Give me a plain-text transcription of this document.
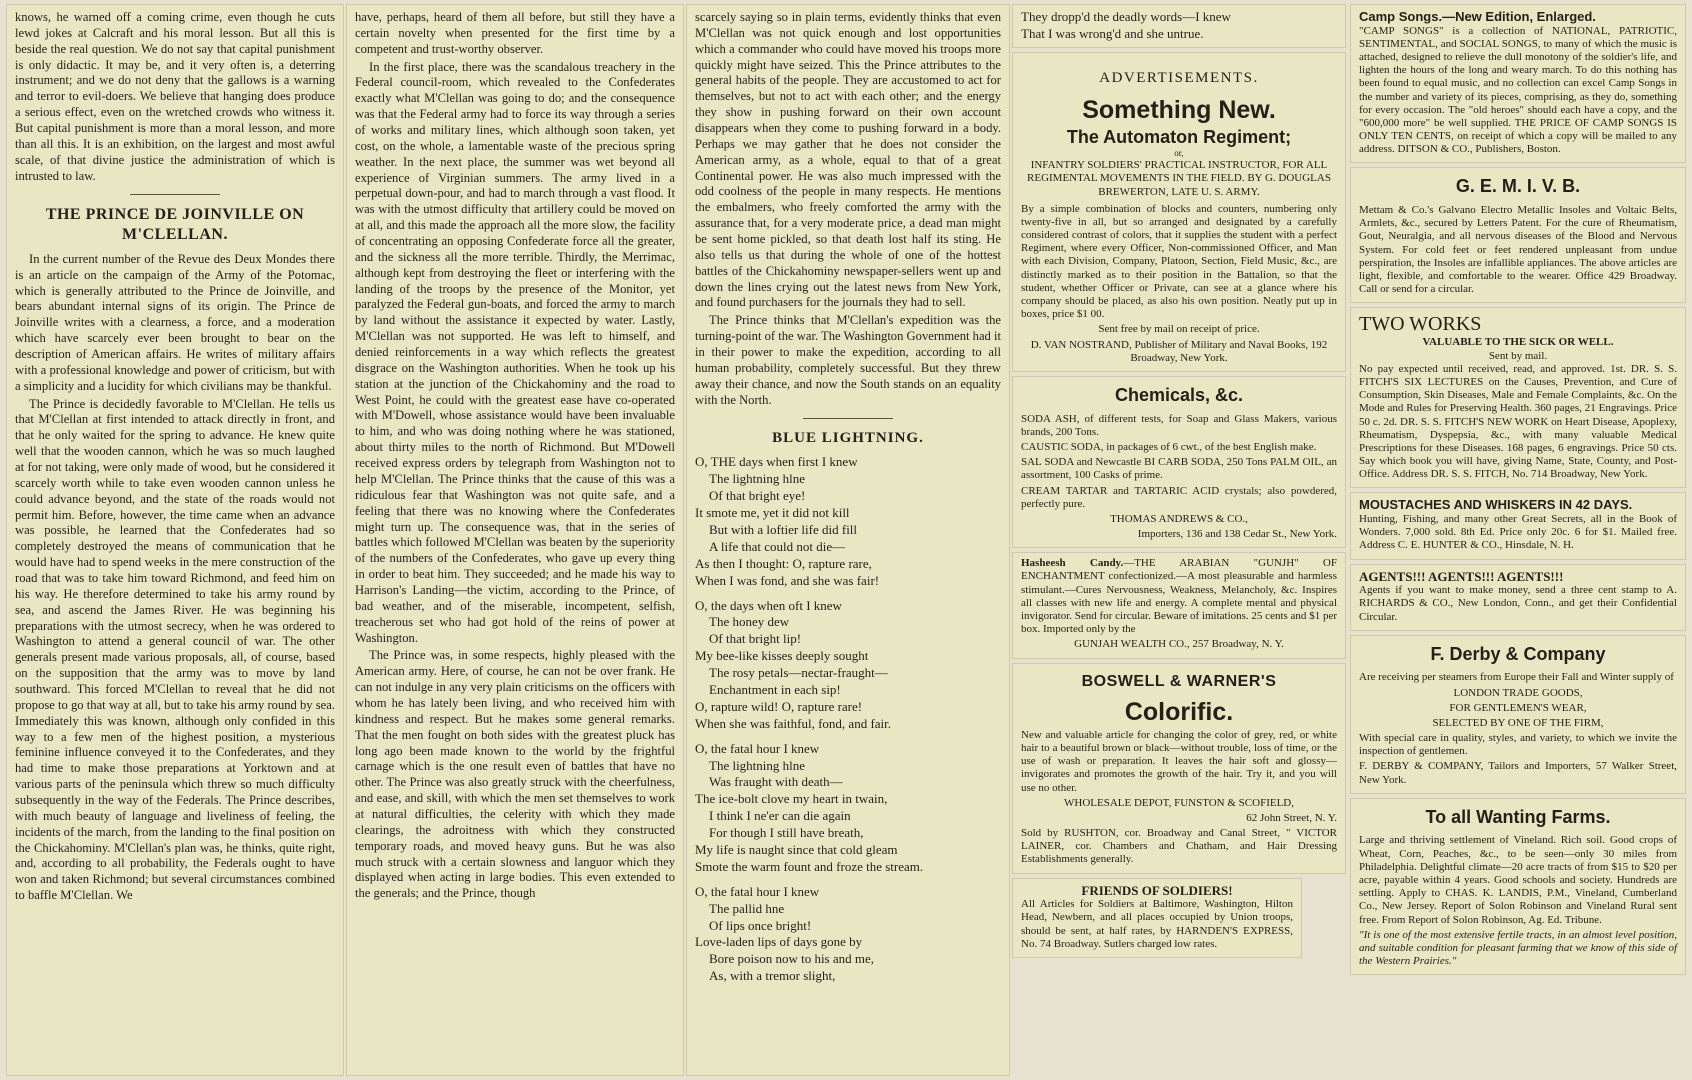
knows, he warned off a coming crime, even though he cuts lewd jokes at Calcraft and his moral lesson. But all this is beside the real question. We do not say that capital punishment is only didactic. It may be, and it very often is, a deterring instrument; and we do not deny that the gallows is a warning and terror to evil-doers. We believe that hanging does produce a serious effect, even on the wretched crowds who witness it. But capital punishment is more than a moral lesson, and more than all this. It is an exhibition, on the largest and most awful scale, of that divine justice the administration of which is intrusted to law.

THE PRINCE DE JOINVILLE ON M'CLELLAN.

In the current number of the Revue des Deux Mondes there is an article on the campaign of the Army of the Potomac, which is generally attributed to the Prince de Joinville, and bears abundant internal signs of its origin. The Prince de Joinville writes with a clearness, a force, and a moderation which have scarcely ever been brought to bear on the description of American affairs. He writes of military affairs with a professional knowledge and power of criticism, but with a simplicity and a lucidity for which civilians may be thankful.

The Prince is decidedly favorable to M'Clellan. He tells us that M'Clellan at first intended to attack directly in front, and that he only waited for the spring to advance. He knew quite well that the wooden cannon, which he was so much laughed at for not taking, were only made of wood, but he considered it scarcely worth while to take even wooden cannon unless he could advance beyond, and the state of the roads would not permit him. Before, however, the time came when an advance was possible, he learned that the Confederates had so completely destroyed the means of communication that he would have had to spend weeks in the mere construction of the road that was to take him toward Richmond, and feed him on his way. He therefore determined to take his army round by sea, and ascend the James River. He was beginning his preparations with the utmost secrecy, when he was ordered to Washington to attend a general council of war. The other generals present made various proposals, all, of course, based on the supposition that the army was to move by land southward. This forced M'Clellan to reveal that he did not propose to go that way at all, but to take his army round by sea. Immediately this was known, although only confided in this way to a few men of the highest position, a mysterious feminine influence conveyed it to the Confederates, and they had time to make those preparations at Yorktown and at various parts of the peninsula which threw so much difficulty subsequently in the way of the Federals. The Prince describes, with much beauty of language and liveliness of feeling, the incidents of the march, from the landing to the final position on the Chickahominy. M'Clellan's plan was, he thinks, quite right, and, according to all probability, the Federals ought to have won and taken Richmond; but several circumstances combined to baffle M'Clellan. We

have, perhaps, heard of them all before, but still they have a certain novelty when presented for the first time by a competent and trust-worthy observer.

In the first place, there was the scandalous treachery in the Federal council-room, which revealed to the Confederates exactly what M'Clellan was going to do; and the consequence was that the Federal army had to force its way through a series of works and military lines, which although soon taken, yet cost, on the whole, a lamentable waste of the precious spring weather. In the next place, the summer was wet beyond all experience of Virginian summers. The army lived in a perpetual down-pour, and had to march through a vast flood. It was with the utmost difficulty that artillery could be moved on at all, and this made the approach all the more slow, the facility of concentrating an opposing Confederate force all the greater, and the sickness all the more terrible. Thirdly, the Merrimac, although kept from destroying the fleet or interfering with the landing of the troops by the presence of the Monitor, yet paralyzed the Federal gun-boats, and forced the army to march by land without the assistance it expected by water. Lastly, M'Clellan was not supported. He was left to himself, and denied reinforcements in a way which reflects the greatest disgrace on the Washington authorities. When he took up his station at the junction of the Chickahominy and the road to West Point, he could with the greatest ease have co-operated with M'Dowell, whose assistance would have been invaluable to him, and who was doing nothing where he was stationed, about thirty miles to the north of Richmond. But M'Dowell received express orders by telegraph from Washington not to help M'Clellan. The Prince thinks that the cause of this was a ridiculous fear that Washington was not quite safe, and a feeling that there was no knowing where the Confederates might turn up. The consequence was, that in the series of battles which followed M'Clellan was beaten by the superiority of the numbers of the Confederates, who gave up every thing in order to beat him. They succeeded; and he made his way to Harrison's Landing—the victim, according to the Prince, of bad weather, and of the miserable, incompetent, selfish, treacherous set who had got hold of the reins of power at Washington.

The Prince was, in some respects, highly pleased with the American army. Here, of course, he can not be over frank. He can not indulge in any very plain criticisms on the officers with whom he has lately been living, and who received him with kindness and respect. But he makes some general remarks. That the men fought on both sides with the greatest pluck has long ago been made known to the world by the frightful carnage which is the one result even of battles that have no other. The Prince was also greatly struck with the cheerfulness, and ease, and skill, with which the men set themselves to work at natural difficulties, the celerity with which they made clearings, the adroitness with which they constructed temporary roads, and moved heavy guns. But he was also much struck with a certain slowness and languor which they displayed when acting in large bodies. This even extended to the generals; and the Prince, though

scarcely saying so in plain terms, evidently thinks that even M'Clellan was not quick enough and lost opportunities which a commander who could have moved his troops more quickly might have seized. This the Prince attributes to the general habits of the people. They are accustomed to act for themselves, but not to act with each other; and the energy they show in pushing forward on their own account disappears when they come to pushing forward in a body. Perhaps we may gather that he does not consider the American army, as a whole, equal to that of a great Continental power. He was also much impressed with the odd coolness of the people in many respects. He mentions the embalmers, who freely comforted the army with the assurance that, for a very moderate price, a dead man might be sent home pickled, so that death lost half its sting. He also tells us that during the whole of one of the hottest battles of the Chickahominy newspaper-sellers went up and down the lines crying out the latest news from New York, and found purchasers for the journals they had to sell.

The Prince thinks that M'Clellan's expedition was the turning-point of the war. The Washington Government had it in their power to make the expedition, according to all human probability, completely successful. But they threw away their chance, and now the South stands on an equality with the North.

BLUE LIGHTNING.
O, THE days when first I knew
The lightning hlne
Of that bright eye!
It smote me, yet it did not kill
But with a loftier life did fill
A life that could not die—
As then I thought: O, rapture rare,
When I was fond, and she was fair!
O, the days when oft I knew
The honey dew
Of that bright lip!
My bee-like kisses deeply sought
The rosy petals—nectar-fraught—
Enchantment in each sip!
O, rapture wild! O, rapture rare!
When she was faithful, fond, and fair.
O, the fatal hour I knew
The lightning hlne
Was fraught with death—
The ice-bolt clove my heart in twain,
I think I ne'er can die again
For though I still have breath,
My life is naught since that cold gleam
Smote the warm fount and froze the stream.
O, the fatal hour I knew
The pallid hne
Of lips once bright!
Love-laden lips of days gone by
Bore poison now to his and me,
As, with a tremor slight,
They dropp'd the deadly words—I knew
That I was wrong'd and she untrue.
ADVERTISEMENTS.
Something New.
The Automaton Regiment;
or,
INFANTRY SOLDIERS' PRACTICAL INSTRUCTOR, FOR ALL REGIMENTAL MOVEMENTS IN THE FIELD. BY G. DOUGLAS BREWERTON, LATE U. S. ARMY.
By a simple combination of blocks and counters, numbering only twenty-five in all, but so arranged and designated by a carefully considered contrast of colors, that it supplies the student with a perfect Regiment, where every Officer, Non-commissioned Officer, and Man with each Division, Company, Platoon, Section, Field Music, &c., are distinctly marked as to their position in the Battalion, so that the student, whether Officer or Private, can see at a glance where his company should be placed, as also his own position. Neatly put up in boxes, price $1 00.
Sent free by mail on receipt of price.
D. VAN NOSTRAND, Publisher of Military and Naval Books, 192 Broadway, New York.
Chemicals, &c.
SODA ASH, of different tests, for Soap and Glass Makers, various brands, 200 Tons.
CAUSTIC SODA, in packages of 6 cwt., of the best English make.
SAL SODA and Newcastle BI CARB SODA, 250 Tons PALM OIL, an assortment, 100 Casks of prime.
CREAM TARTAR and TARTARIC ACID crystals; also powdered, perfectly pure.
THOMAS ANDREWS & CO.,
Importers, 136 and 138 Cedar St., New York.
Hasheesh Candy.—THE ARABIAN "GUNJH" OF ENCHANTMENT confectionized.—A most pleasurable and harmless stimulant.—Cures Nervousness, Weakness, Melancholy, &c. Inspires all classes with new life and energy. A complete mental and physical invigorator. Send for circular. Beware of imitations. 25 cents and $1 per box. Imported only by the
GUNJAH WEALTH CO., 257 Broadway, N. Y.
BOSWELL & WARNER'S
Colorific.
New and valuable article for changing the color of grey, red, or white hair to a beautiful brown or black—without trouble, loss of time, or the use of wash or preparation. It leaves the hair soft and glossy—invigorates and promotes the growth of the hair. Try it, and you will use no other.
WHOLESALE DEPOT, FUNSTON & SCOFIELD,
62 John Street, N. Y.
Sold by RUSHTON, cor. Broadway and Canal Street, " VICTOR LAINER, cor. Chambers and Chatham, and Hair Dressing Establishments generally.
FRIENDS OF SOLDIERS!
All Articles for Soldiers at Baltimore, Washington, Hilton Head, Newbern, and all places occupied by Union troops, should be sent, at half rates, by HARNDEN'S EXPRESS, No. 74 Broadway. Sutlers charged low rates.
Camp Songs.—New Edition, Enlarged.
"CAMP SONGS" is a collection of NATIONAL, PATRIOTIC, SENTIMENTAL, and SOCIAL SONGS, to many of which the music is attached, designed to relieve the dull monotony of the soldier's life, and lighten the hours of the long and weary march. To do this nothing has been found to equal music, and no collection can excel Camp Songs in the number and variety of its pieces, comprising, as they do, something for every occasion. The "old heroes" should each have a copy, and the "600,000 more" be well supplied. THE PRICE OF CAMP SONGS IS ONLY TEN CENTS, on receipt of which a copy will be mailed to any address. DITSON & CO., Publishers, Boston.
G. E. M. I. V. B.
Mettam & Co.'s Galvano Electro Metallic Insoles and Voltaic Belts, Armlets, &c., secured by Letters Patent. For the cure of Rheumatism, Gout, Neuralgia, and all nervous diseases of the Blood and Nervous System. For cold feet or feet rendered unpleasant from undue perspiration, the Insoles are infallible appliances. The above articles are light, flexible, and comfortable to the wearer. Office 429 Broadway. Call or send for a circular.
TWO WORKS
VALUABLE TO THE SICK OR WELL.
Sent by mail.
No pay expected until received, read, and approved. 1st. DR. S. S. FITCH'S SIX LECTURES on the Causes, Prevention, and Cure of Consumption, Skin Diseases, Male and Female Complaints, &c. On the Mode and Rules for Preserving Health. 360 pages, 21 Engravings. Price 50 c. 2d. DR. S. S. FITCH'S NEW WORK on Heart Disease, Apoplexy, Rheumatism, Dyspepsia, &c., with many valuable Medical Prescriptions for these Diseases. 168 pages, 6 engravings. Price 50 cts. Say which book you will have, giving Name, State, County, and Post-Office. Address DR. S. S. FITCH, No. 714 Broadway, New York.
MOUSTACHES AND WHISKERS IN 42 DAYS.
Hunting, Fishing, and many other Great Secrets, all in the Book of Wonders. 7,000 sold. 8th Ed. Price only 20c. 6 for $1. Mailed free. Address C. E. HUNTER & CO., Hinsdale, N. H.
AGENTS!!! AGENTS!!! AGENTS!!!
Agents if you want to make money, send a three cent stamp to A. RICHARDS & CO., New London, Conn., and get their Confidential Circular.
F. Derby & Company
Are receiving per steamers from Europe their Fall and Winter supply of
LONDON TRADE GOODS,
FOR GENTLEMEN'S WEAR,
SELECTED BY ONE OF THE FIRM,
With special care in quality, styles, and variety, to which we invite the inspection of gentlemen.
F. DERBY & COMPANY, Tailors and Importers, 57 Walker Street, New York.
To all Wanting Farms.
Large and thriving settlement of Vineland. Rich soil. Good crops of Wheat, Corn, Peaches, &c., to be seen—only 30 miles from Philadelphia. Delightful climate—20 acre tracts of from $15 to $20 per acre, payable within 4 years. Good schools and society. Hundreds are settling. Apply to CHAS. K. LANDIS, P.M., Vineland, Cumberland Co., New Jersey. Report of Solon Robinson and Vineland Rural sent free. From Report of Solon Robinson, Ag. Ed. Tribune.
"It is one of the most extensive fertile tracts, in an almost level position, and suitable condition for pleasant farming that we know of this side of the Western Prairies."
